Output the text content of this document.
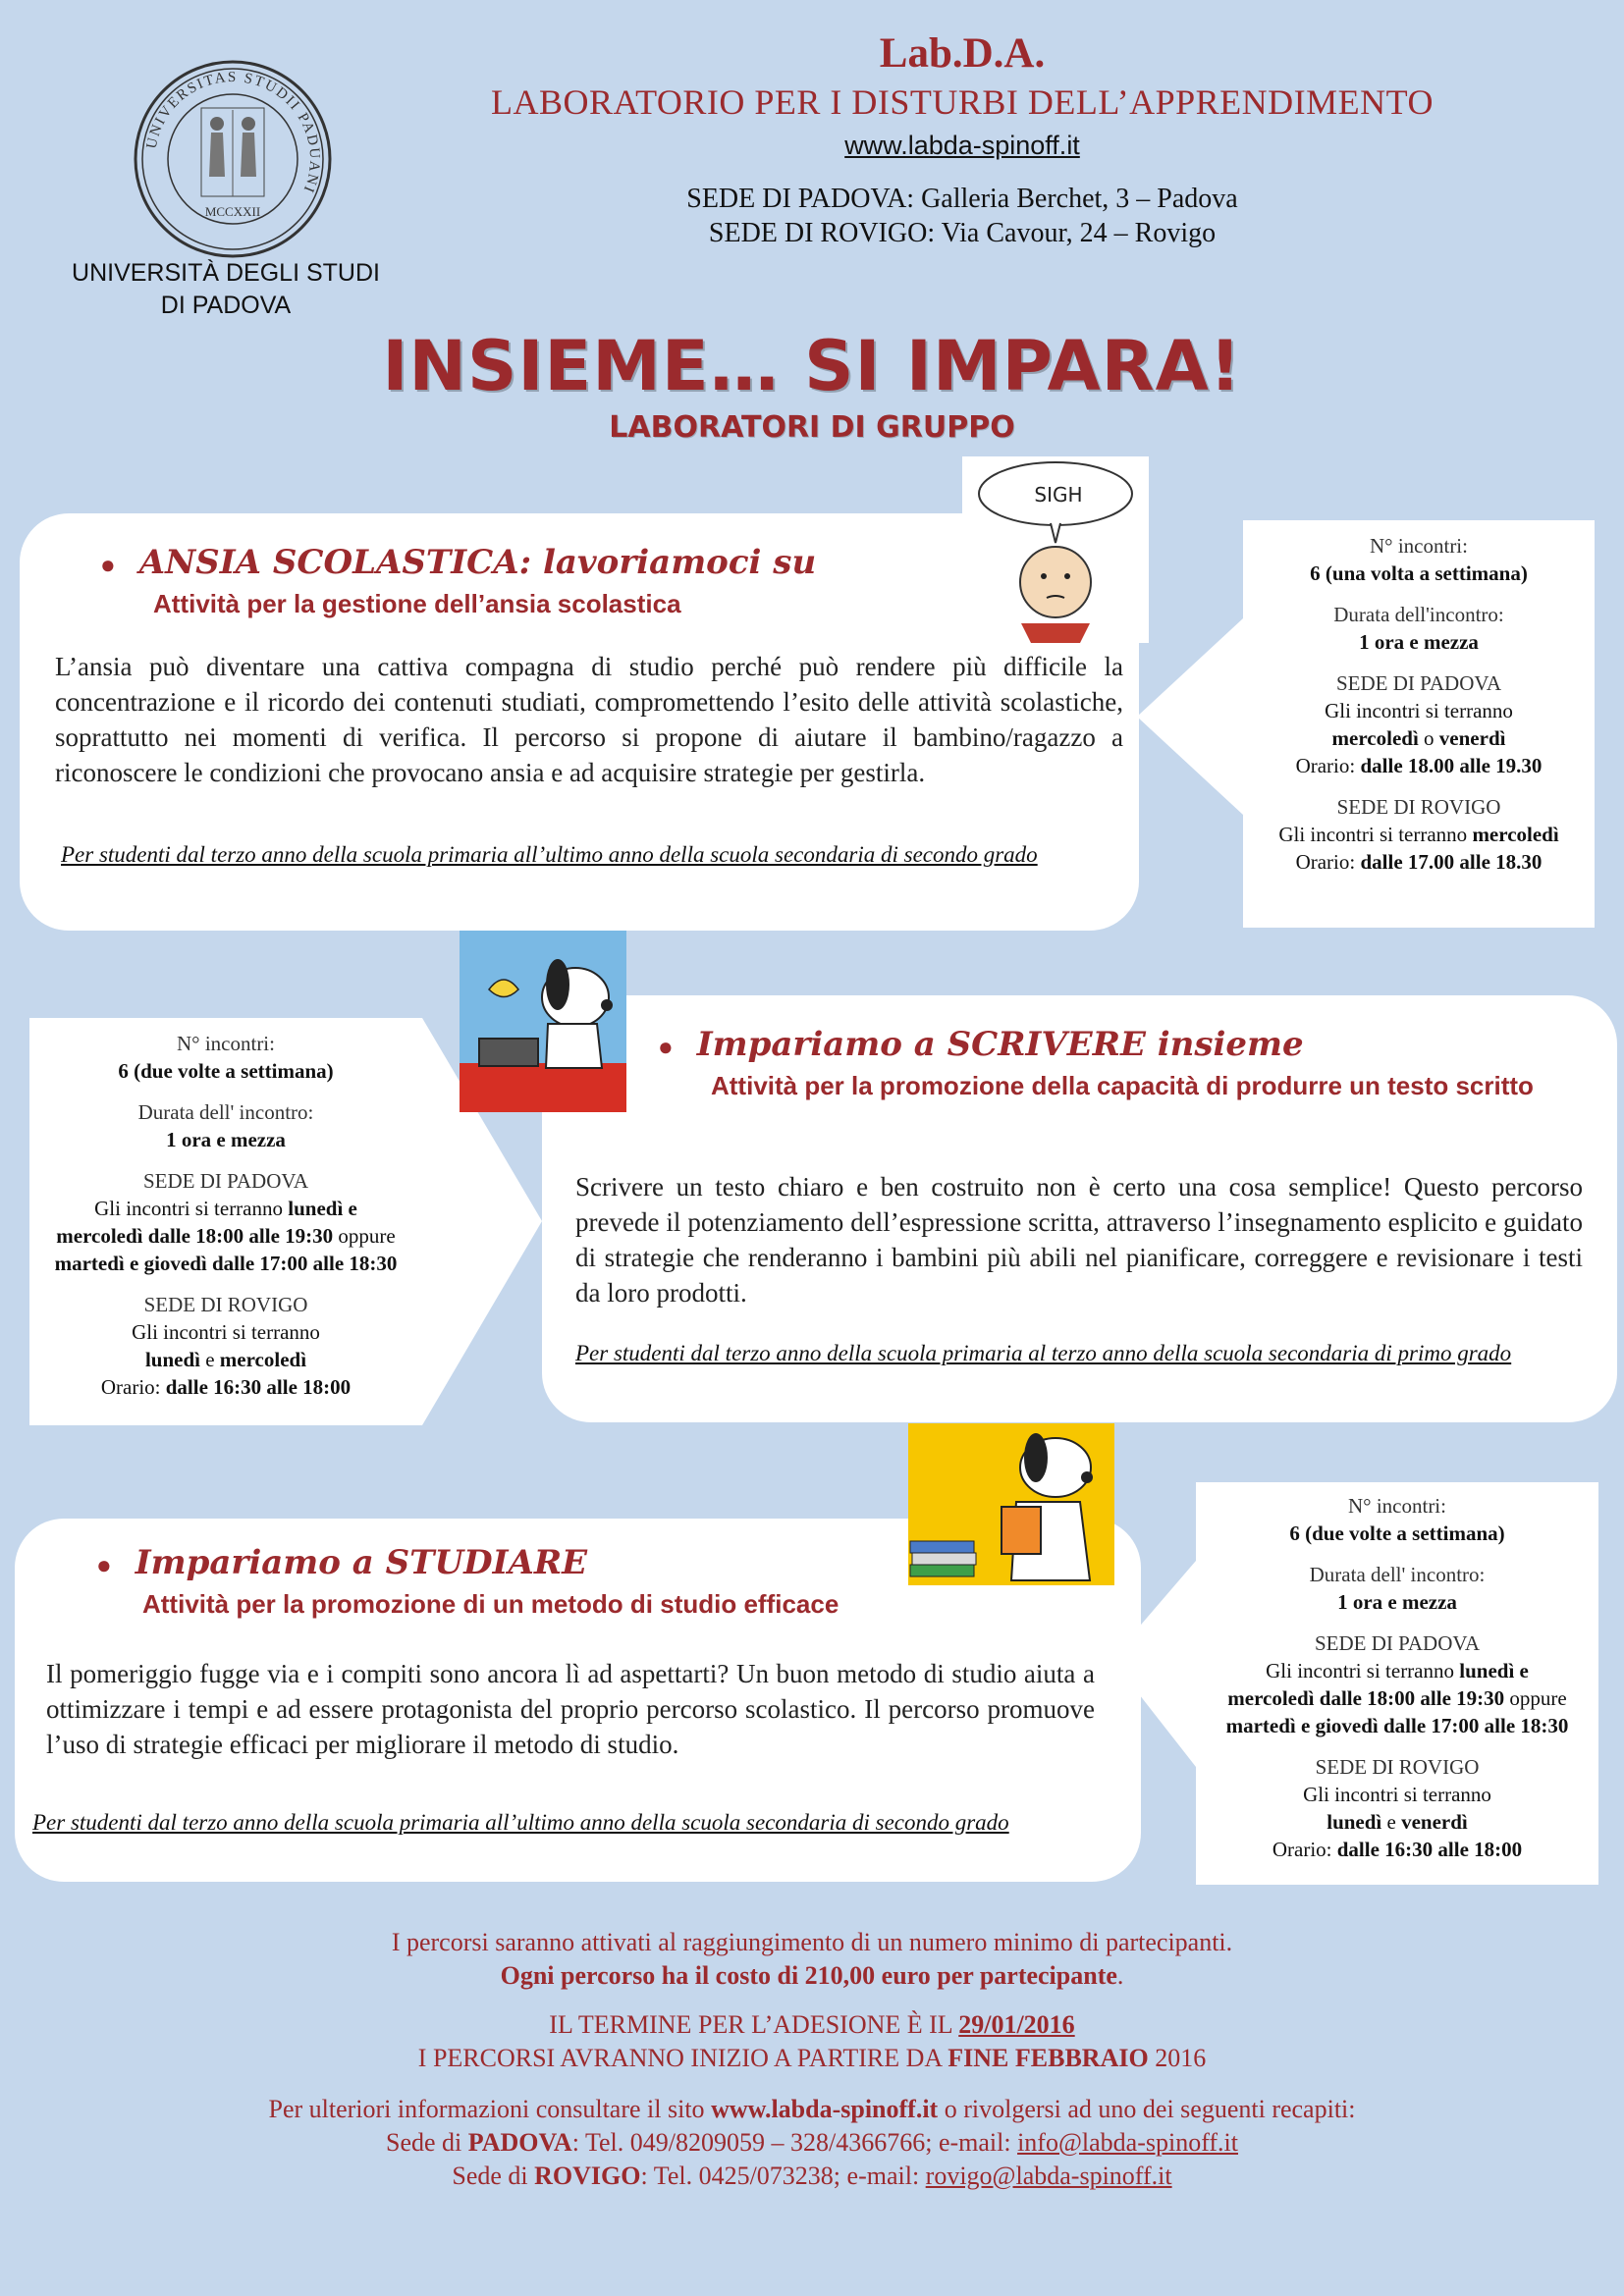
UNIVERSITAS STUDII PADUANI
MCCXXII
UNIVERSITÀ DEGLI STUDI
DI PADOVA
Lab.D.A.
LABORATORIO PER I DISTURBI DELL’APPRENDIMENTO
www.labda-spinoff.it
SEDE DI PADOVA: Galleria Berchet, 3 – Padova
SEDE DI ROVIGO: Via Cavour, 24 – Rovigo
INSIEME… SI IMPARA!
LABORATORI DI GRUPPO
● ANSIA SCOLASTICA: lavoriamoci su
Attività per la gestione dell’ansia scolastica
L’ansia può diventare una cattiva compagna di studio perché può rendere più difficile la concentrazione e il ricordo dei contenuti studiati, compromettendo l’esito delle attività scolastiche, soprattutto nei momenti di verifica. Il percorso si propone di aiutare il bambino/ragazzo a riconoscere le condizioni che provocano ansia e ad acquisire strategie per gestirla.
Per studenti dal terzo anno della scuola primaria all’ultimo anno della scuola secondaria di secondo grado
SIGH
N° incontri:
6 (una volta a settimana)
Durata dell'incontro:
1 ora e mezza
SEDE DI PADOVA
Gli incontri si terranno
mercoledì o venerdì
Orario: dalle 18.00 alle 19.30
SEDE DI ROVIGO
Gli incontri si terranno mercoledì
Orario: dalle 17.00 alle 18.30
N° incontri:
6 (due volte a settimana)
Durata dell' incontro:
1 ora e mezza
SEDE DI PADOVA
Gli incontri si terranno lunedì e
mercoledì dalle 18:00 alle 19:30 oppure
martedì e giovedì dalle 17:00 alle 18:30
SEDE DI ROVIGO
Gli incontri si terranno
lunedì e mercoledì
Orario: dalle 16:30 alle 18:00
● Impariamo a SCRIVERE insieme
Attività per la promozione della capacità di produrre un testo scritto
Scrivere un testo chiaro e ben costruito non è certo una cosa semplice! Questo percorso prevede il potenziamento dell’espressione scritta, attraverso l’insegnamento esplicito e guidato di strategie che renderanno i bambini più abili nel pianificare, correggere e revisionare i testi da loro prodotti.
Per studenti dal terzo anno della scuola primaria al terzo anno della scuola secondaria di primo grado
● Impariamo a STUDIARE
Attività per la promozione di un metodo di studio efficace
Il pomeriggio fugge via e i compiti sono ancora lì ad aspettarti? Un buon metodo di studio aiuta a ottimizzare i tempi e ad essere protagonista del proprio percorso scolastico. Il percorso promuove l’uso di strategie efficaci per migliorare il metodo di studio.
Per studenti dal terzo anno della scuola primaria all’ultimo anno della scuola secondaria di secondo grado
N° incontri:
6 (due volte a settimana)
Durata dell' incontro:
1 ora e mezza
SEDE DI PADOVA
Gli incontri si terranno lunedì e
mercoledì dalle 18:00 alle 19:30 oppure
martedì e giovedì dalle 17:00 alle 18:30
SEDE DI ROVIGO
Gli incontri si terranno
lunedì e venerdì
Orario: dalle 16:30 alle 18:00
I percorsi saranno attivati al raggiungimento di un numero minimo di partecipanti.
Ogni percorso ha il costo di 210,00 euro per partecipante.
IL TERMINE PER L’ADESIONE È IL 29/01/2016
I PERCORSI AVRANNO INIZIO A PARTIRE DA FINE FEBBRAIO 2016
Per ulteriori informazioni consultare il sito www.labda-spinoff.it o rivolgersi ad uno dei seguenti recapiti:
Sede di PADOVA: Tel. 049/8209059 – 328/4366766; e-mail: info@labda-spinoff.it
Sede di ROVIGO: Tel. 0425/073238; e-mail: rovigo@labda-spinoff.it
